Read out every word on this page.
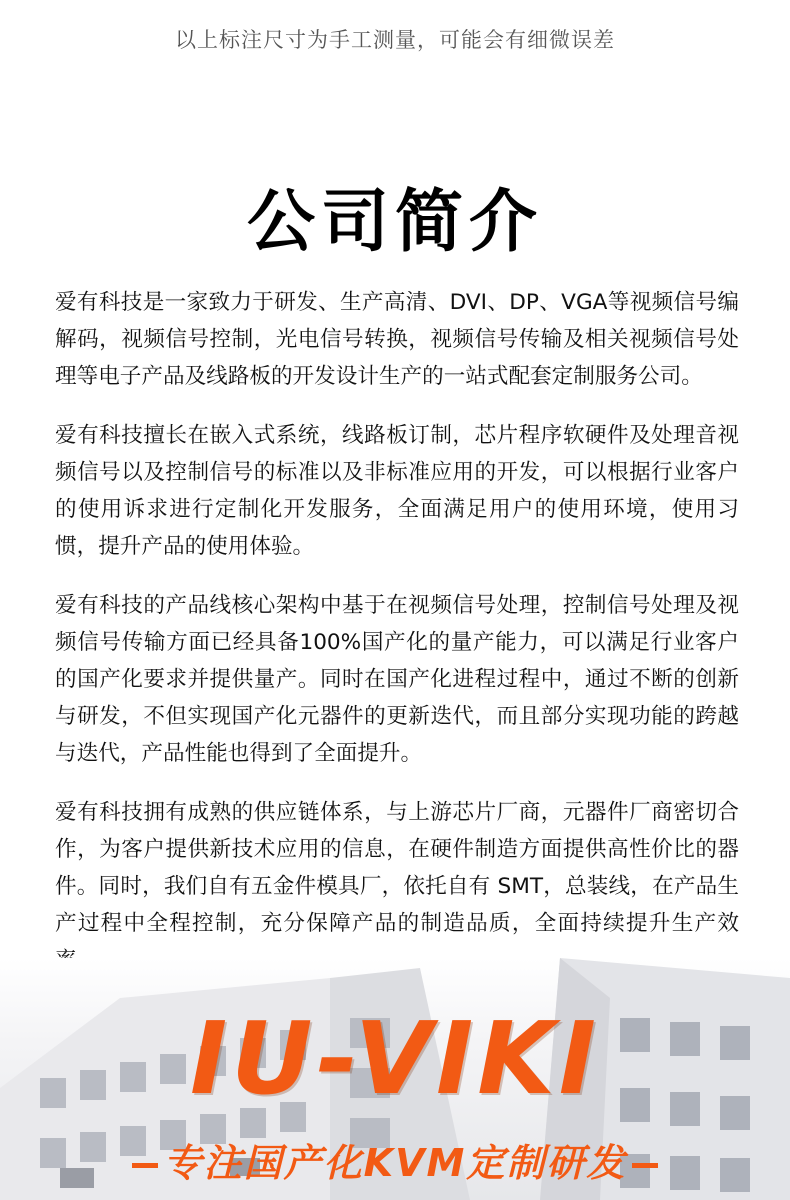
以上标注尺寸为手工测量，可能会有细微误差
公司简介

爱有科技是一家致力于研发、生产高清、DVI、DP、VGA等视频信号编解码，视频信号控制，光电信号转换，视频信号传输及相关视频信号处理等电子产品及线路板的开发设计生产的一站式配套定制服务公司。

爱有科技擅长在嵌入式系统，线路板订制，芯片程序软硬件及处理音视频信号以及控制信号的标准以及非标准应用的开发，可以根据行业客户的使用诉求进行定制化开发服务，全面满足用户的使用环境，使用习惯，提升产品的使用体验。

爱有科技的产品线核心架构中基于在视频信号处理，控制信号处理及视频信号传输方面已经具备100%国产化的量产能力，可以满足行业客户的国产化要求并提供量产。同时在国产化进程过程中，通过不断的创新与研发，不但实现国产化元器件的更新迭代，而且部分实现功能的跨越与迭代，产品性能也得到了全面提升。

爱有科技拥有成熟的供应链体系，与上游芯片厂商，元器件厂商密切合作，为客户提供新技术应用的信息，在硬件制造方面提供高性价比的器件。同时，我们自有五金件模具厂，依托自有 SMT，总装线，在产品生产过程中全程控制，充分保障产品的制造品质，全面持续提升生产效

IU-VIKI
专注国产化KVM定制研发
